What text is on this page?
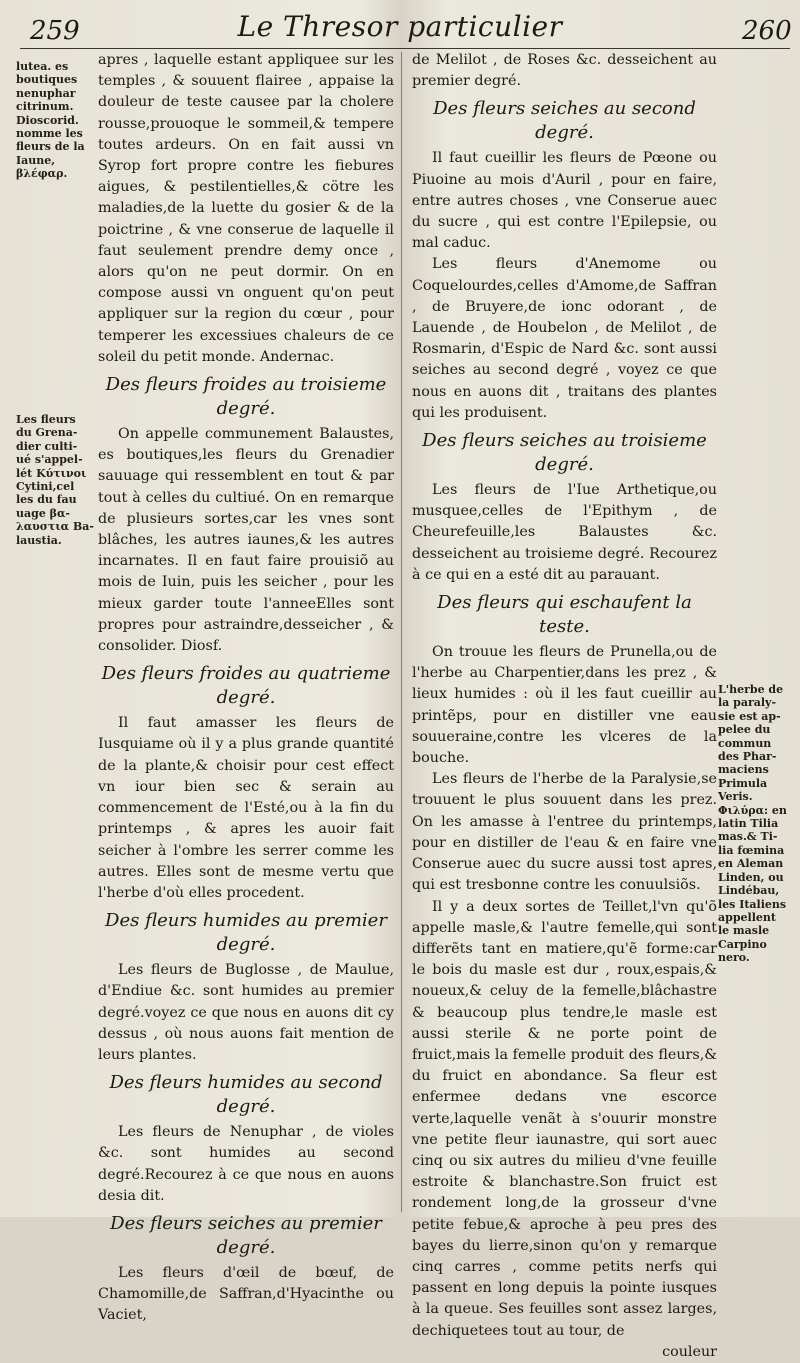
259	Le Thresor particulier	260
lutea. es
boutiques
nenuphar
citrinum.
Dioscorid.
nomme les
fleurs de la
Iaune,
βλέφαρ.
Les fleurs
du Grena-
dier culti-
ué s'appel-
lét Κύτινοι
Cytini,cel
les du fau
uage βα-
λαυστια Ba-
laustia.
L'herbe de
la paraly-
sie est ap-
pelee du
commun
des Phar-
maciens
Primula
Veris.
Φιλύρα: en
latin Tilia
mas.& Ti-
lia fœmina
en Aleman
Linden, ou
Lindébau,
les Italiens
appellent
le masle
Carpino
nero.

apres , laquelle estant appliquee sur les temples , & souuent flairee , appaise la douleur de teste causee par la cholere rousse,prouoque le sommeil,& tempere toutes ardeurs. On en fait aussi vn Syrop fort propre contre les fiebures aigues, & pestilentielles,& cötre les maladies,de la luette du gosier & de la poictrine , & vne conserue de laquelle il faut seulement prendre demy once , alors qu'on ne peut dormir. On en compose aussi vn onguent qu'on peut appliquer sur la region du cœur , pour temperer les excessiues chaleurs de ce soleil du petit monde. Andernac.

Des fleurs froides au troisieme degré.

On appelle communement Balaustes, es boutiques,les fleurs du Grenadier sauuage qui ressemblent en tout & par tout à celles du cultiué. On en remarque de plusieurs sortes,car les vnes sont blâches, les autres iaunes,& les autres incarnates. Il en faut faire prouisiõ au mois de Iuin, puis les seicher , pour les mieux garder toute l'anneeElles sont propres pour astraindre,desseicher , & consolider. Diosf.

Des fleurs froides au quatrieme degré.

Il faut amasser les fleurs de Iusquiame où il y a plus grande quantité de la plante,& choisir pour cest effect vn iour bien sec & serain au commencement de l'Esté,ou à la fin du printemps , & apres les auoir fait seicher à l'ombre les serrer comme les autres. Elles sont de mesme vertu que l'herbe d'où elles procedent.

Des fleurs humides au premier degré.

Les fleurs de Buglosse , de Maulue, d'Endiue &c. sont humides au premier degré.voyez ce que nous en auons dit cy dessus , où nous auons fait mention de leurs plantes.

Des fleurs humides au second degré.

Les fleurs de Nenuphar , de violes &c. sont humides au second degré.Recourez à ce que nous en auons desia dit.

Des fleurs seiches au premier degré.

Les fleurs d'œil de bœuf, de Chamomille,de Saffran,d'Hyacinthe ou Vaciet,

de Melilot , de Roses &c. desseichent au premier degré.

Des fleurs seiches au second degré.

Il faut cueillir les fleurs de Pœone ou Piuoine au mois d'Auril , pour en faire, entre autres choses , vne Conserue auec du sucre , qui est contre l'Epilepsie, ou mal caduc.

Les fleurs d'Anemome ou Coquelourdes,celles d'Amome,de Saffran , de Bruyere,de ionc odorant , de Lauende , de Houbelon , de Melilot , de Rosmarin, d'Espic de Nard &c. sont aussi seiches au second degré , voyez ce que nous en auons dit , traitans des plantes qui les produisent.

Des fleurs seiches au troisieme degré.

Les fleurs de l'Iue Arthetique,ou musquee,celles de l'Epithym , de Cheurefeuille,les Balaustes &c. desseichent au troisieme degré. Recourez à ce qui en a esté dit au parauant.

Des fleurs qui eschaufent la teste.

On trouue les fleurs de Prunella,ou de l'herbe au Charpentier,dans les prez , & lieux humides : où il les faut cueillir au printẽps, pour en distiller vne eau souueraine,contre les vlceres de la bouche.

Les fleurs de l'herbe de la Paralysie,se trouuent le plus souuent dans les prez. On les amasse à l'entree du printemps, pour en distiller de l'eau & en faire vne Conserue auec du sucre aussi tost apres, qui est tresbonne contre les conuulsiõs.

Il y a deux sortes de Teillet,l'vn qu'õ appelle masle,& l'autre femelle,qui sont differẽts tant en matiere,qu'ẽ forme:car le bois du masle est dur , roux,espais,& noueux,& celuy de la femelle,blâchastre & beaucoup plus tendre,le masle est aussi sterile & ne porte point de fruict,mais la femelle produit des fleurs,& du fruict en abondance. Sa fleur est enfermee dedans vne escorce verte,laquelle venãt à s'ouurir monstre vne petite fleur iaunastre, qui sort auec cinq ou six autres du milieu d'vne feuille estroite & blanchastre.Son fruict est rondement long,de la grosseur d'vne petite febue,& aproche à peu pres des bayes du lierre,sinon qu'on y remarque cinq carres , comme petits nerfs qui passent en long depuis la pointe iusques à la queue. Ses feuilles sont assez larges, dechiquetees tout au tour, de

couleur
